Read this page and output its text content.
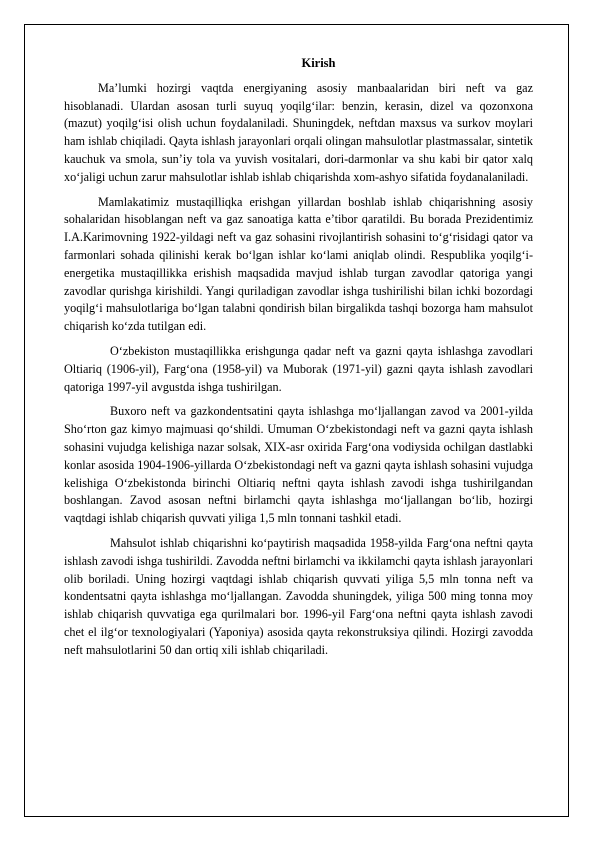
Kirish

Ma’lumki hozirgi vaqtda energiyaning asosiy manbaalaridan biri neft va gaz hisoblanadi. Ulardan asosan turli suyuq yoqilg‘ilar: benzin, kerasin, dizel va qozonxona (mazut) yoqilg‘isi olish uchun foydalaniladi. Shuningdek, neftdan maxsus va surkov moylari ham ishlab chiqiladi. Qayta ishlash jarayonlari orqali olingan mahsulotlar plastmassalar, sintetik kauchuk va smola, sun’iy tola va yuvish vositalari, dori-darmonlar va shu kabi bir qator xalq xo‘jaligi uchun zarur mahsulotlar ishlab ishlab chiqarishda xom-ashyo sifatida foydanalaniladi.

Mamlakatimiz mustaqilliqka erishgan yillardan boshlab ishlab chiqarishning asosiy sohalaridan hisoblangan neft va gaz sanoatiga katta e’tibor qaratildi. Bu borada Prezidentimiz I.A.Karimovning 1922-yildagi neft va gaz sohasini rivojlantirish sohasini to‘g‘risidagi qator va farmonlari sohada qilinishi kerak bo‘lgan ishlar ko‘lami aniqlab olindi. Respublika yoqilg‘i-energetika mustaqillikka erishish maqsadida mavjud ishlab turgan zavodlar qatoriga yangi zavodlar qurishga kirishildi. Yangi quriladigan zavodlar ishga tushirilishi bilan ichki bozordagi yoqilg‘i mahsulotlariga bo‘lgan talabni qondirish bilan birgalikda tashqi bozorga ham mahsulot chiqarish ko‘zda tutilgan edi.

O‘zbekiston mustaqillikka erishgunga qadar neft va gazni qayta ishlashga zavodlari Oltiariq (1906-yil), Farg‘ona (1958-yil) va Muborak (1971-yil) gazni qayta ishlash zavodlari qatoriga 1997-yil avgustda ishga tushirilgan.

Buxoro neft va gazkondentsatini qayta ishlashga mo‘ljallangan zavod va 2001-yilda Sho‘rton gaz kimyo majmuasi qo‘shildi. Umuman O‘zbekistondagi neft va gazni qayta ishlash sohasini vujudga kelishiga nazar solsak, XIX-asr oxirida Farg‘ona vodiysida ochilgan dastlabki konlar asosida 1904-1906-yillarda O‘zbekistondagi neft va gazni qayta ishlash sohasini vujudga kelishiga O‘zbekistonda birinchi Oltiariq neftni qayta ishlash zavodi ishga tushirilgandan boshlangan. Zavod asosan neftni birlamchi qayta ishlashga mo‘ljallangan bo‘lib, hozirgi vaqtdagi ishlab chiqarish quvvati yiliga 1,5 mln tonnani tashkil etadi.

Mahsulot ishlab chiqarishni ko‘paytirish maqsadida 1958-yilda Farg‘ona neftni qayta ishlash zavodi ishga tushirildi. Zavodda neftni birlamchi va ikkilamchi qayta ishlash jarayonlari olib boriladi. Uning hozirgi vaqtdagi ishlab chiqarish quvvati yiliga 5,5 mln tonna neft va kondentsatni qayta ishlashga mo‘ljallangan. Zavodda shuningdek, yiliga 500 ming tonna moy ishlab chiqarish quvvatiga ega qurilmalari bor. 1996-yil Farg‘ona neftni qayta ishlash zavodi chet el ilg‘or texnologiyalari (Yaponiya) asosida qayta rekonstruksiya qilindi. Hozirgi zavodda neft mahsulotlarini 50 dan ortiq xili ishlab chiqariladi.
